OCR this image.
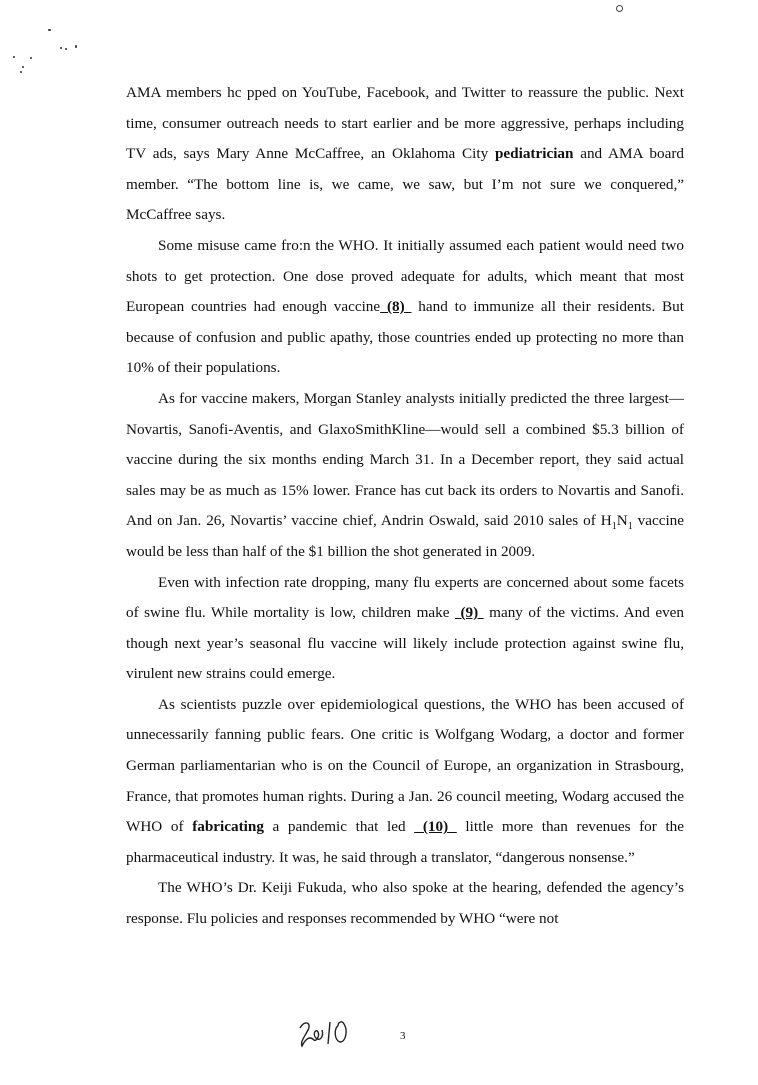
AMA members hc pped on YouTube, Facebook, and Twitter to reassure the public. Next time, consumer outreach needs to start earlier and be more aggressive, perhaps including TV ads, says Mary Anne McCaffree, an Oklahoma City pediatrician and AMA board member. “The bottom line is, we came, we saw, but I’m not sure we conquered,” McCaffree says.

Some misuse came fro:n the WHO. It initially assumed each patient would need two shots to get protection. One dose proved adequate for adults, which meant that most European countries had enough vaccine (8)  hand to immunize all their residents. But because of confusion and public apathy, those countries ended up protecting no more than 10% of their populations.

As for vaccine makers, Morgan Stanley analysts initially predicted the three largest—Novartis, Sanofi-Aventis, and GlaxoSmithKline—would sell a combined $5.3 billion of vaccine during the six months ending March 31. In a December report, they said actual sales may be as much as 15% lower. France has cut back its orders to Novartis and Sanofi. And on Jan. 26, Novartis’ vaccine chief, Andrin Oswald, said 2010 sales of $H_1N_1$ vaccine would be less than half of the $1 billion the shot generated in 2009.

Even with infection rate dropping, many flu experts are concerned about some facets of swine flu. While mortality is low, children make  (9)  many of the victims. And even though next year’s seasonal flu vaccine will likely include protection against swine flu, virulent new strains could emerge.

As scientists puzzle over epidemiological questions, the WHO has been accused of unnecessarily fanning public fears. One critic is Wolfgang Wodarg, a doctor and former German parliamentarian who is on the Council of Europe, an organization in Strasbourg, France, that promotes human rights. During a Jan. 26 council meeting, Wodarg accused the WHO of fabricating a pandemic that led  (10)  little more than revenues for the pharmaceutical industry. It was, he said through a translator, “dangerous nonsense.”

The WHO’s Dr. Keiji Fukuda, who also spoke at the hearing, defended the agency’s response. Flu policies and responses recommended by WHO “were not

3
